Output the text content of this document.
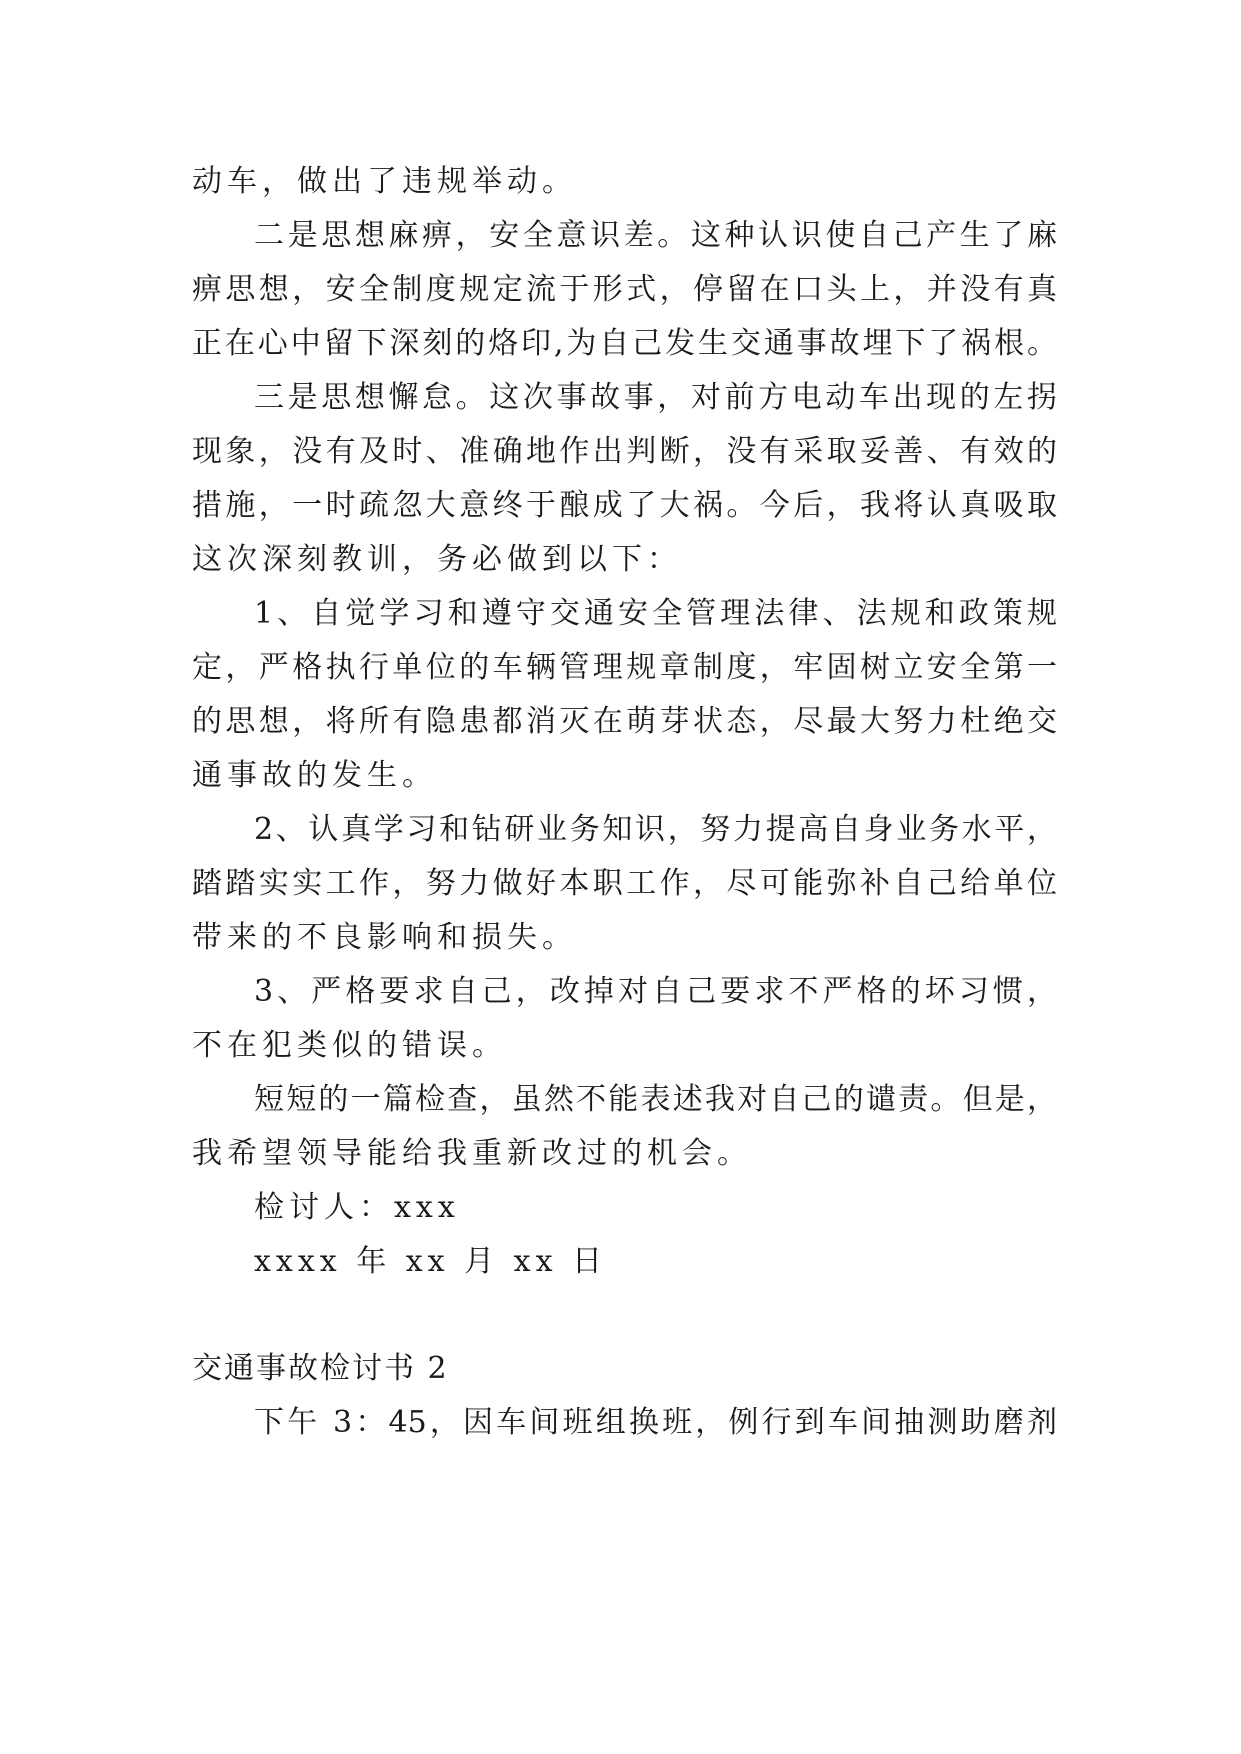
动车，做出了违规举动。
二是思想麻痹，安全意识差。这种认识使自己产生了麻
痹思想，安全制度规定流于形式，停留在口头上，并没有真
正在心中留下深刻的烙印,为自己发生交通事故埋下了祸根。
三是思想懈怠。这次事故事，对前方电动车出现的左拐
现象，没有及时、准确地作出判断，没有采取妥善、有效的
措施，一时疏忽大意终于酿成了大祸。今后，我将认真吸取
这次深刻教训，务必做到以下：
1、自觉学习和遵守交通安全管理法律、法规和政策规
定，严格执行单位的车辆管理规章制度，牢固树立安全第一
的思想，将所有隐患都消灭在萌芽状态，尽最大努力杜绝交
通事故的发生。
2、认真学习和钻研业务知识，努力提高自身业务水平，
踏踏实实工作，努力做好本职工作，尽可能弥补自己给单位
带来的不良影响和损失。
3、严格要求自己，改掉对自己要求不严格的坏习惯，
不在犯类似的错误。
短短的一篇检查，虽然不能表述我对自己的谴责。但是，
我希望领导能给我重新改过的机会。
检讨人：xxx
xxxx 年 xx 月 xx 日
交通事故检讨书 2
下午 3：45，因车间班组换班，例行到车间抽测助磨剂
